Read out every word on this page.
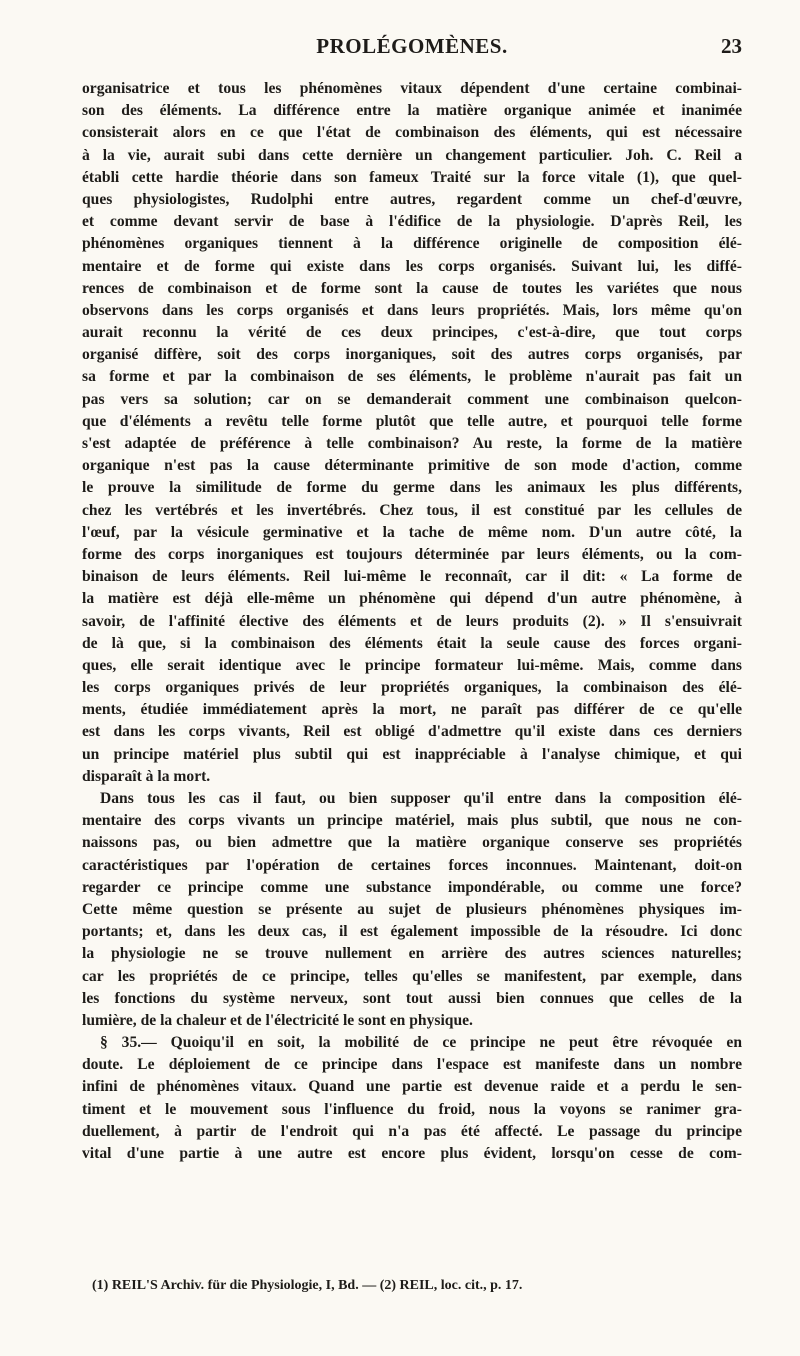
PROLÉGOMÈNES.	23
organisatrice et tous les phénomènes vitaux dépendent d'une certaine combinai-
son des éléments. La différence entre la matière organique animée et inanimée
consisterait alors en ce que l'état de combinaison des éléments, qui est nécessaire
à la vie, aurait subi dans cette dernière un changement particulier. Joh. C. Reil a
établi cette hardie théorie dans son fameux Traité sur la force vitale (1), que quel-
ques physiologistes, Rudolphi entre autres, regardent comme un chef-d'œuvre,
et comme devant servir de base à l'édifice de la physiologie. D'après Reil, les
phénomènes organiques tiennent à la différence originelle de composition élé-
mentaire et de forme qui existe dans les corps organisés. Suivant lui, les diffé-
rences de combinaison et de forme sont la cause de toutes les variétes que nous
observons dans les corps organisés et dans leurs propriétés. Mais, lors même qu'on
aurait reconnu la vérité de ces deux principes, c'est-à-dire, que tout corps
organisé diffère, soit des corps inorganiques, soit des autres corps organisés, par
sa forme et par la combinaison de ses éléments, le problème n'aurait pas fait un
pas vers sa solution; car on se demanderait comment une combinaison quelcon-
que d'éléments a revêtu telle forme plutôt que telle autre, et pourquoi telle forme
s'est adaptée de préférence à telle combinaison? Au reste, la forme de la matière
organique n'est pas la cause déterminante primitive de son mode d'action, comme
le prouve la similitude de forme du germe dans les animaux les plus différents,
chez les vertébrés et les invertébrés. Chez tous, il est constitué par les cellules de
l'œuf, par la vésicule germinative et la tache de même nom. D'un autre côté, la
forme des corps inorganiques est toujours déterminée par leurs éléments, ou la com-
binaison de leurs éléments. Reil lui-même le reconnaît, car il dit: « La forme de
la matière est déjà elle-même un phénomène qui dépend d'un autre phénomène, à
savoir, de l'affinité élective des éléments et de leurs produits (2). » Il s'ensuivrait
de là que, si la combinaison des éléments était la seule cause des forces organi-
ques, elle serait identique avec le principe formateur lui-même. Mais, comme dans
les corps organiques privés de leur propriétés organiques, la combinaison des élé-
ments, étudiée immédiatement après la mort, ne paraît pas différer de ce qu'elle
est dans les corps vivants, Reil est obligé d'admettre qu'il existe dans ces derniers
un principe matériel plus subtil qui est inappréciable à l'analyse chimique, et qui
disparaît à la mort.
Dans tous les cas il faut, ou bien supposer qu'il entre dans la composition élé-
mentaire des corps vivants un principe matériel, mais plus subtil, que nous ne con-
naissons pas, ou bien admettre que la matière organique conserve ses propriétés
caractéristiques par l'opération de certaines forces inconnues. Maintenant, doit-on
regarder ce principe comme une substance impondérable, ou comme une force?
Cette même question se présente au sujet de plusieurs phénomènes physiques im-
portants; et, dans les deux cas, il est également impossible de la résoudre. Ici donc
la physiologie ne se trouve nullement en arrière des autres sciences naturelles;
car les propriétés de ce principe, telles qu'elles se manifestent, par exemple, dans
les fonctions du système nerveux, sont tout aussi bien connues que celles de la
lumière, de la chaleur et de l'électricité le sont en physique.
§ 35.— Quoiqu'il en soit, la mobilité de ce principe ne peut être révoquée en
doute. Le déploiement de ce principe dans l'espace est manifeste dans un nombre
infini de phénomènes vitaux. Quand une partie est devenue raide et a perdu le sen-
timent et le mouvement sous l'influence du froid, nous la voyons se ranimer gra-
duellement, à partir de l'endroit qui n'a pas été affecté. Le passage du principe
vital d'une partie à une autre est encore plus évident, lorsqu'on cesse de com-
(1) REIL'S Archiv. für die Physiologie, I, Bd. — (2) REIL, loc. cit., p. 17.
